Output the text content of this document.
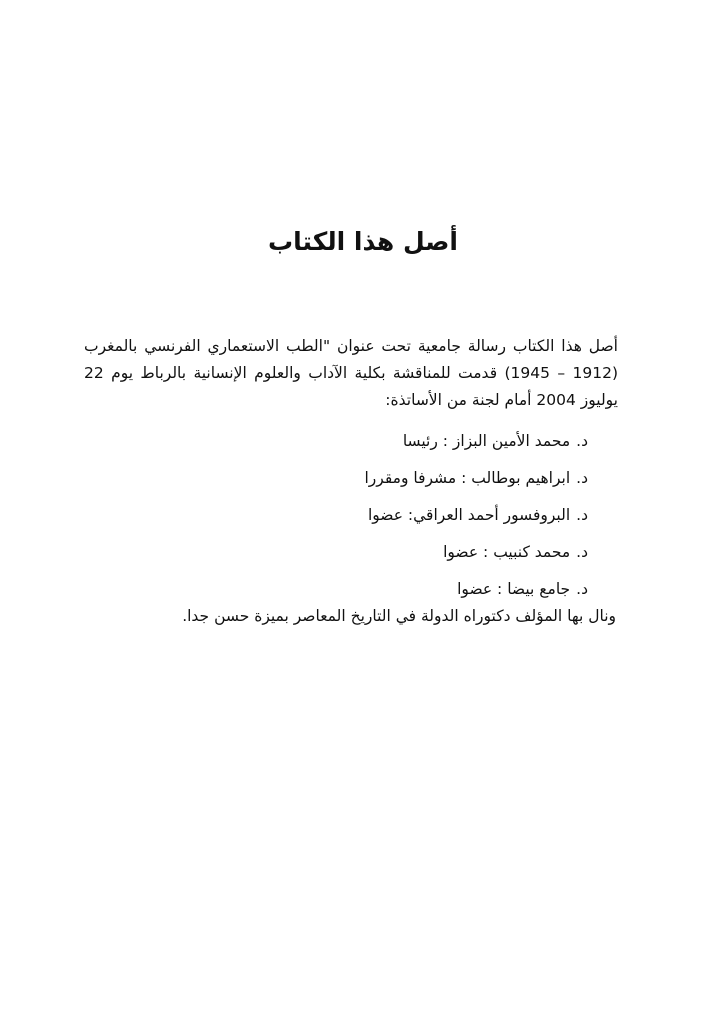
أصل هذا الكتاب

أصل هذا الكتاب رسالة جامعية تحت عنوان "الطب الاستعماري الفرنسي بالمغرب (1912 – 1945) قدمت للمناقشة بكلية الآداب والعلوم الإنسانية بالرباط يوم 22 يوليوز 2004 أمام لجنة من الأساتذة:

د.محمد الأمين البزاز : رئيسا
د.ابراهيم بوطالب : مشرفا ومقررا
د.البروفسور أحمد العراقي: عضوا
د.محمد كنبيب : عضوا
د.جامع بيضا : عضوا

ونال بها المؤلف دكتوراه الدولة في التاريخ المعاصر بميزة حسن جدا.
